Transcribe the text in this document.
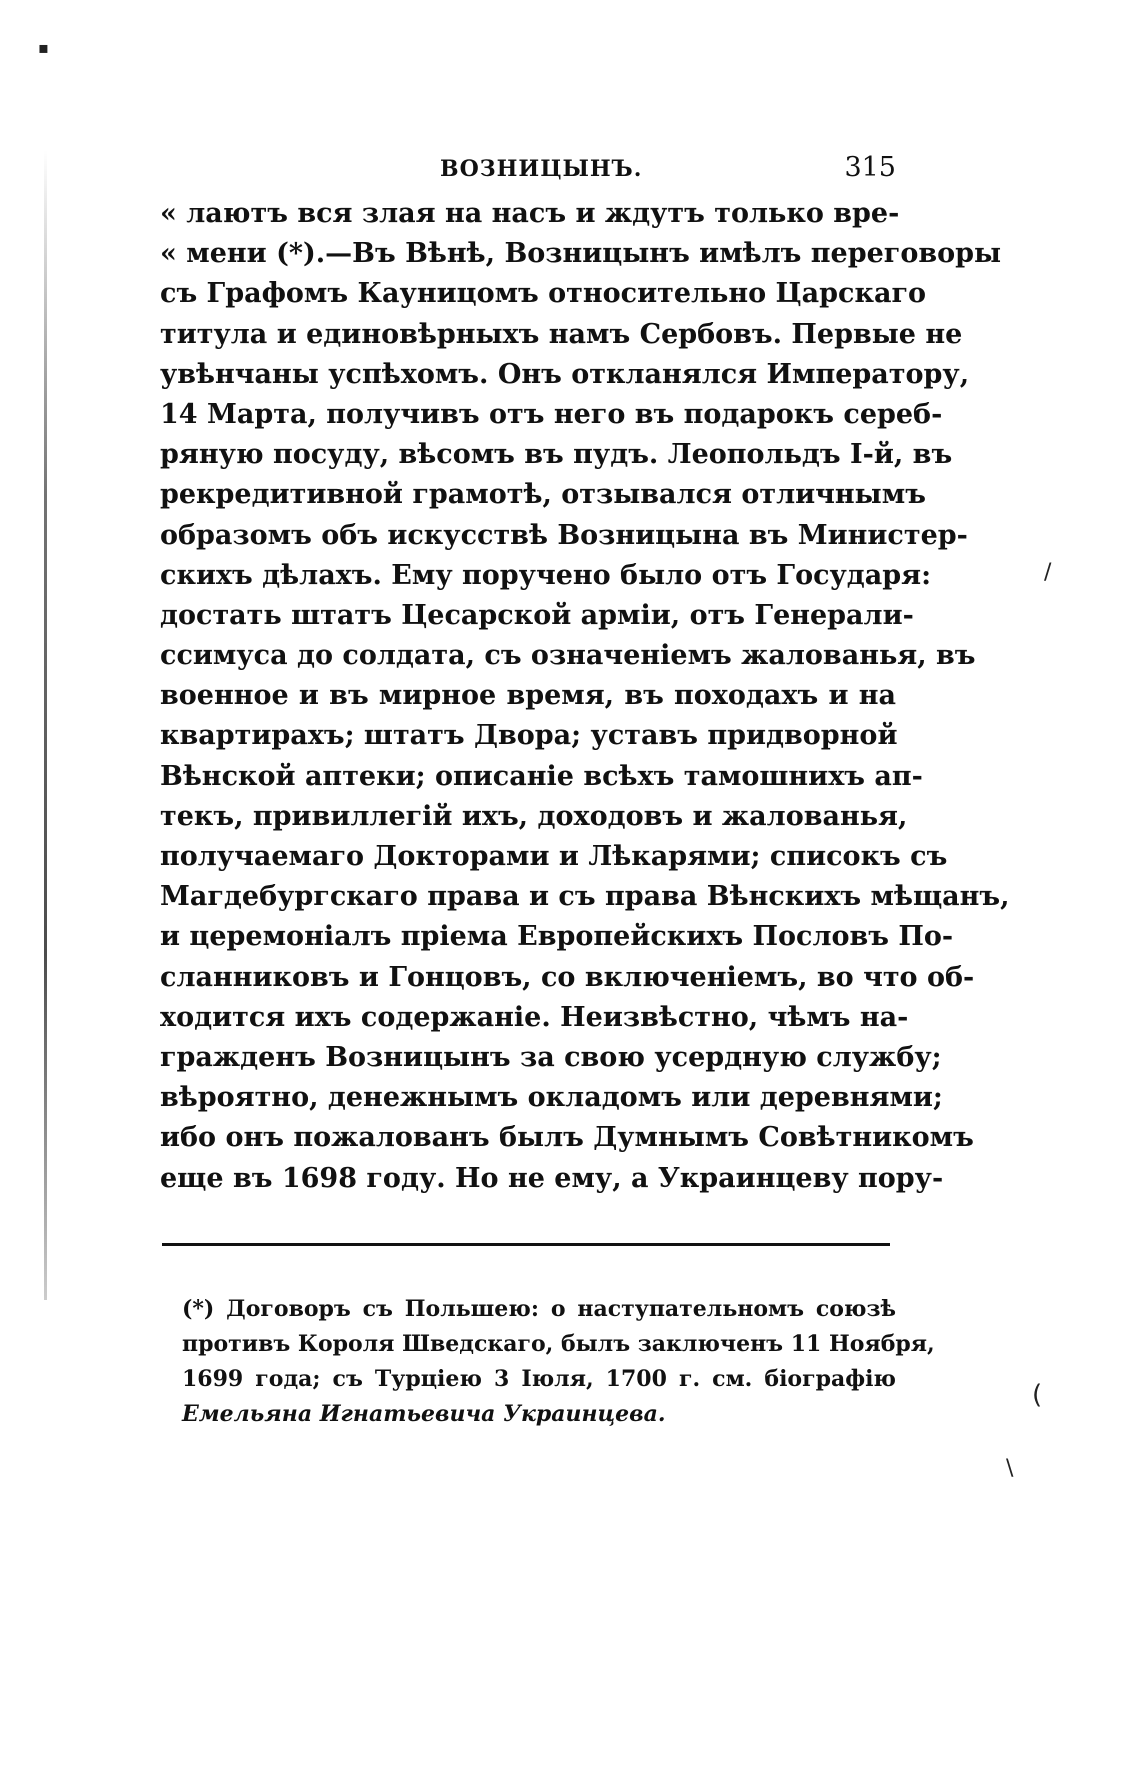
▪
/
(
\
ВОЗНИЦЫНЪ.	315
« лаютъ вся злая на насъ и ждутъ только вре-
« мени (*).—Въ Вѣнѣ, Возницынъ имѣлъ переговоры
съ Графомъ Кауницомъ относительно Царскаго
титула и единовѣрныхъ намъ Сербовъ. Первые не
увѣнчаны успѣхомъ. Онъ откланялся Императору,
14 Марта, получивъ отъ него въ подарокъ сереб-
ряную посуду, вѣсомъ въ пудъ. Леопольдъ I-й, въ
рекредитивной грамотѣ, отзывался отличнымъ
образомъ объ искусствѣ Возницына въ Министер-
скихъ дѣлахъ. Ему поручено было отъ Государя:
достать штатъ Цесарской арміи, отъ Генерали-
ссимуса до солдата, съ означеніемъ жалованья, въ
военное и въ мирное время, въ походахъ и на
квартирахъ; штатъ Двора; уставъ придворной
Вѣнской аптеки; описаніе всѣхъ тамошнихъ ап-
текъ, привиллегій ихъ, доходовъ и жалованья,
получаемаго Докторами и Лѣкарями; списокъ съ
Магдебургскаго права и съ права Вѣнскихъ мѣщанъ,
и церемоніалъ пріема Европейскихъ Пословъ По-
сланниковъ и Гонцовъ, со включеніемъ, во что об-
ходится ихъ содержаніе. Неизвѣстно, чѣмъ на-
гражденъ Возницынъ за свою усердную службу;
вѣроятно, денежнымъ окладомъ или деревнями;
ибо онъ пожалованъ былъ Думнымъ Совѣтникомъ
еще въ 1698 году. Но не ему, а Украинцеву пору-
(*) Договоръ съ Польшею: о наступательномъ союзѣ
противъ Короля Шведскаго, былъ заключенъ 11 Ноября,
1699 года; съ Турціею 3 Іюля, 1700 г. см. біографію
Емельяна Игнатьевича Украинцева.
